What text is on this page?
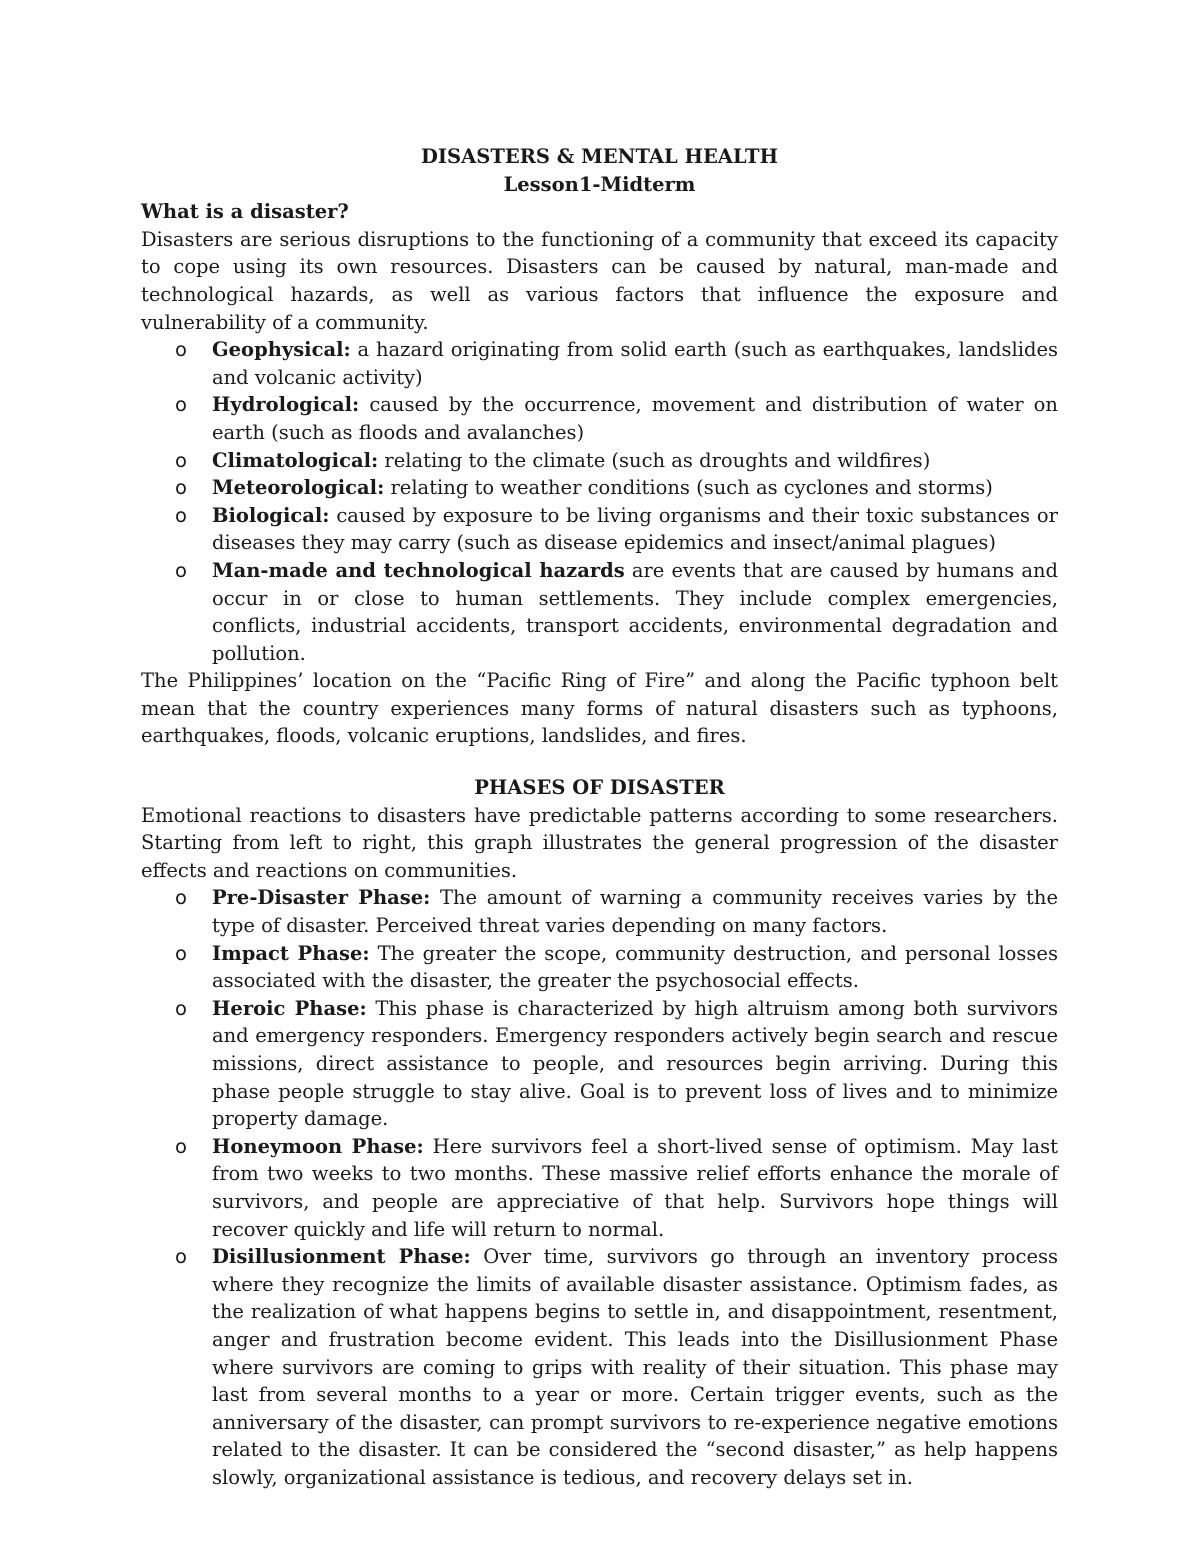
DISASTERS & MENTAL HEALTH
Lesson1-Midterm
What is a disaster?

Disasters are serious disruptions to the functioning of a community that exceed its capacity to cope using its own resources. Disasters can be caused by natural, man-made and technological hazards, as well as various factors that influence the exposure and vulnerability of a community.

o Geophysical: a hazard originating from solid earth (such as earthquakes, landslides and volcanic activity)
o Hydrological: caused by the occurrence, movement and distribution of water on earth (such as floods and avalanches)
o Climatological: relating to the climate (such as droughts and wildfires)
o Meteorological: relating to weather conditions (such as cyclones and storms)
o Biological: caused by exposure to be living organisms and their toxic substances or diseases they may carry (such as disease epidemics and insect/animal plagues)
o Man-made and technological hazards are events that are caused by humans and occur in or close to human settlements. They include complex emergencies, conflicts, industrial accidents, transport accidents, environmental degradation and pollution.

The Philippines’ location on the “Pacific Ring of Fire” and along the Pacific typhoon belt mean that the country experiences many forms of natural disasters such as typhoons, earthquakes, floods, volcanic eruptions, landslides, and fires.

PHASES OF DISASTER

Emotional reactions to disasters have predictable patterns according to some researchers. Starting from left to right, this graph illustrates the general progression of the disaster effects and reactions on communities.

o Pre-Disaster Phase: The amount of warning a community receives varies by the type of disaster. Perceived threat varies depending on many factors.
o Impact Phase: The greater the scope, community destruction, and personal losses associated with the disaster, the greater the psychosocial effects.
o Heroic Phase: This phase is characterized by high altruism among both survivors and emergency responders. Emergency responders actively begin search and rescue missions, direct assistance to people, and resources begin arriving. During this phase people struggle to stay alive. Goal is to prevent loss of lives and to minimize property damage.
o Honeymoon Phase: Here survivors feel a short-lived sense of optimism. May last from two weeks to two months. These massive relief efforts enhance the morale of survivors, and people are appreciative of that help. Survivors hope things will recover quickly and life will return to normal.
o Disillusionment Phase: Over time, survivors go through an inventory process where they recognize the limits of available disaster assistance. Optimism fades, as the realization of what happens begins to settle in, and disappointment, resentment, anger and frustration become evident. This leads into the Disillusionment Phase where survivors are coming to grips with reality of their situation. This phase may last from several months to a year or more. Certain trigger events, such as the anniversary of the disaster, can prompt survivors to re-experience negative emotions related to the disaster. It can be considered the “second disaster,” as help happens slowly, organizational assistance is tedious, and recovery delays set in.
